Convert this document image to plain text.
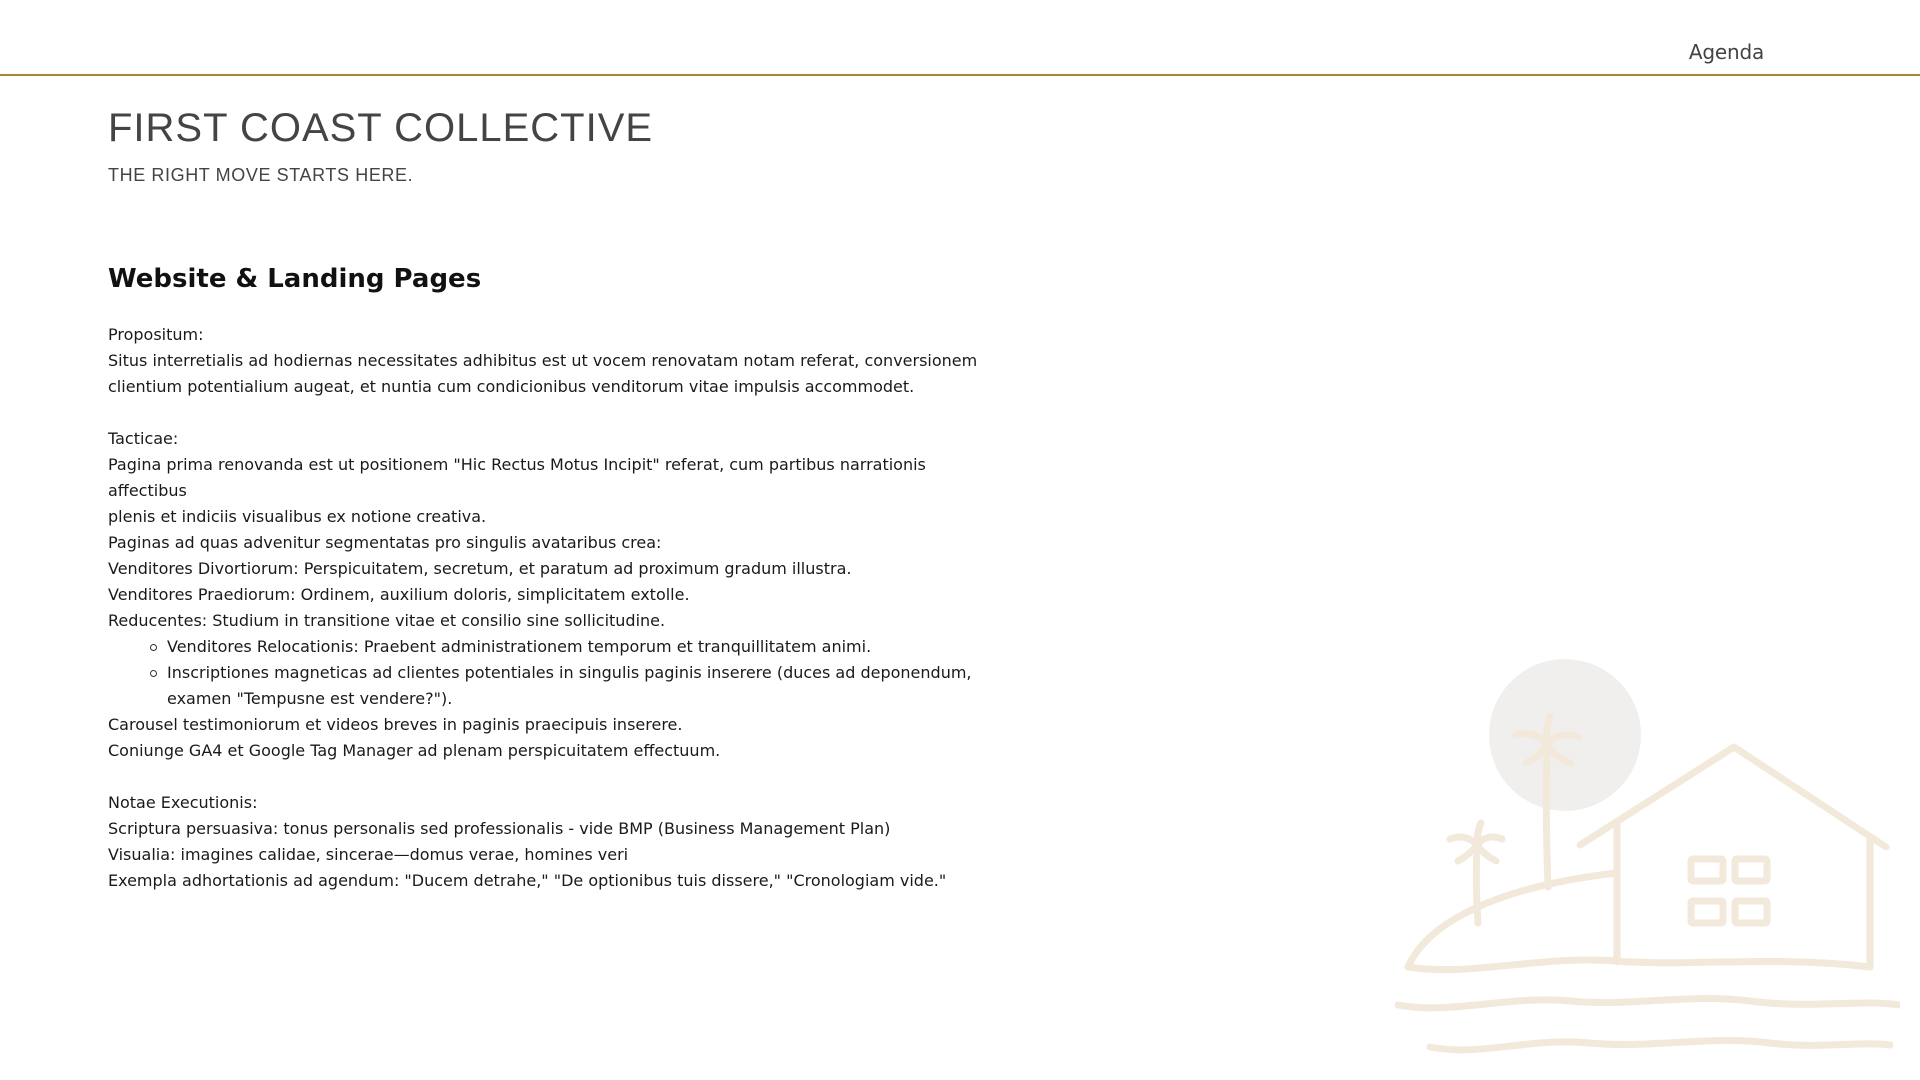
Agenda
FIRST COAST COLLECTIVE
THE RIGHT MOVE STARTS HERE.
Website & Landing Pages

Propositum:

Situs interretialis ad hodiernas necessitates adhibitus est ut vocem renovatam notam referat, conversionem

clientium potentialium augeat, et nuntia cum condicionibus venditorum vitae impulsis accommodet.

Tacticae:

Pagina prima renovanda est ut positionem "Hic Rectus Motus Incipit" referat, cum partibus narrationis affectibus

plenis et indiciis visualibus ex notione creativa.

Paginas ad quas advenitur segmentatas pro singulis avataribus crea:

Venditores Divortiorum: Perspicuitatem, secretum, et paratum ad proximum gradum illustra.

Venditores Praediorum: Ordinem, auxilium doloris, simplicitatem extolle.

Reducentes: Studium in transitione vitae et consilio sine sollicitudine.

Venditores Relocationis: Praebent administrationem temporum et tranquillitatem animi.
Inscriptiones magneticas ad clientes potentiales in singulis paginis inserere (duces ad deponendum,
examen "Tempusne est vendere?").

Carousel testimoniorum et videos breves in paginis praecipuis inserere.

Coniunge GA4 et Google Tag Manager ad plenam perspicuitatem effectuum.

Notae Executionis:

Scriptura persuasiva: tonus personalis sed professionalis - vide BMP (Business Management Plan)

Visualia: imagines calidae, sincerae—domus verae, homines veri

Exempla adhortationis ad agendum: "Ducem detrahe," "De optionibus tuis dissere," "Cronologiam vide."
